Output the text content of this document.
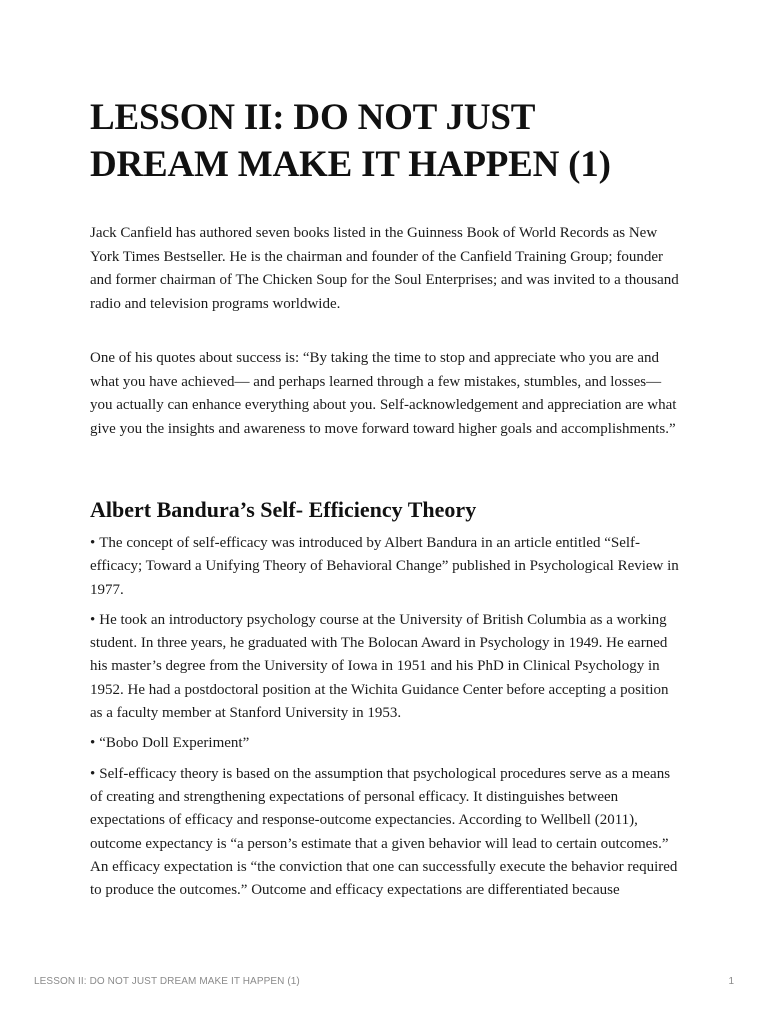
LESSON II: DO NOT JUST DREAM MAKE IT HAPPEN (1)

Jack Canfield has authored seven books listed in the Guinness Book of World Records as New York Times Bestseller. He is the chairman and founder of the Canfield Training Group; founder and former chairman of The Chicken Soup for the Soul Enterprises; and was invited to a thousand radio and television programs worldwide.

One of his quotes about success is: “By taking the time to stop and appreciate who you are and what you have achieved— and perhaps learned through a few mistakes, stumbles, and losses—you actually can enhance everything about you. Self-acknowledgement and appreciation are what give you the insights and awareness to move forward toward higher goals and accomplishments.”

Albert Bandura’s Self- Efficiency Theory
• The concept of self-efficacy was introduced by Albert Bandura in an article entitled “Self-efficacy; Toward a Unifying Theory of Behavioral Change” published in Psychological Review in 1977.
• He took an introductory psychology course at the University of British Columbia as a working student. In three years, he graduated with The Bolocan Award in Psychology in 1949. He earned his master’s degree from the University of Iowa in 1951 and his PhD in Clinical Psychology in 1952. He had a postdoctoral position at the Wichita Guidance Center before accepting a position as a faculty member at Stanford University in 1953.
• “Bobo Doll Experiment”
• Self-efficacy theory is based on the assumption that psychological procedures serve as a means of creating and strengthening expectations of personal efficacy. It distinguishes between expectations of efficacy and response-outcome expectancies. According to Wellbell (2011), outcome expectancy is “a person’s estimate that a given behavior will lead to certain outcomes.” An efficacy expectation is “the conviction that one can successfully execute the behavior required to produce the outcomes.” Outcome and efficacy expectations are differentiated because
LESSON II: DO NOT JUST DREAM MAKE IT HAPPEN (1)	1
